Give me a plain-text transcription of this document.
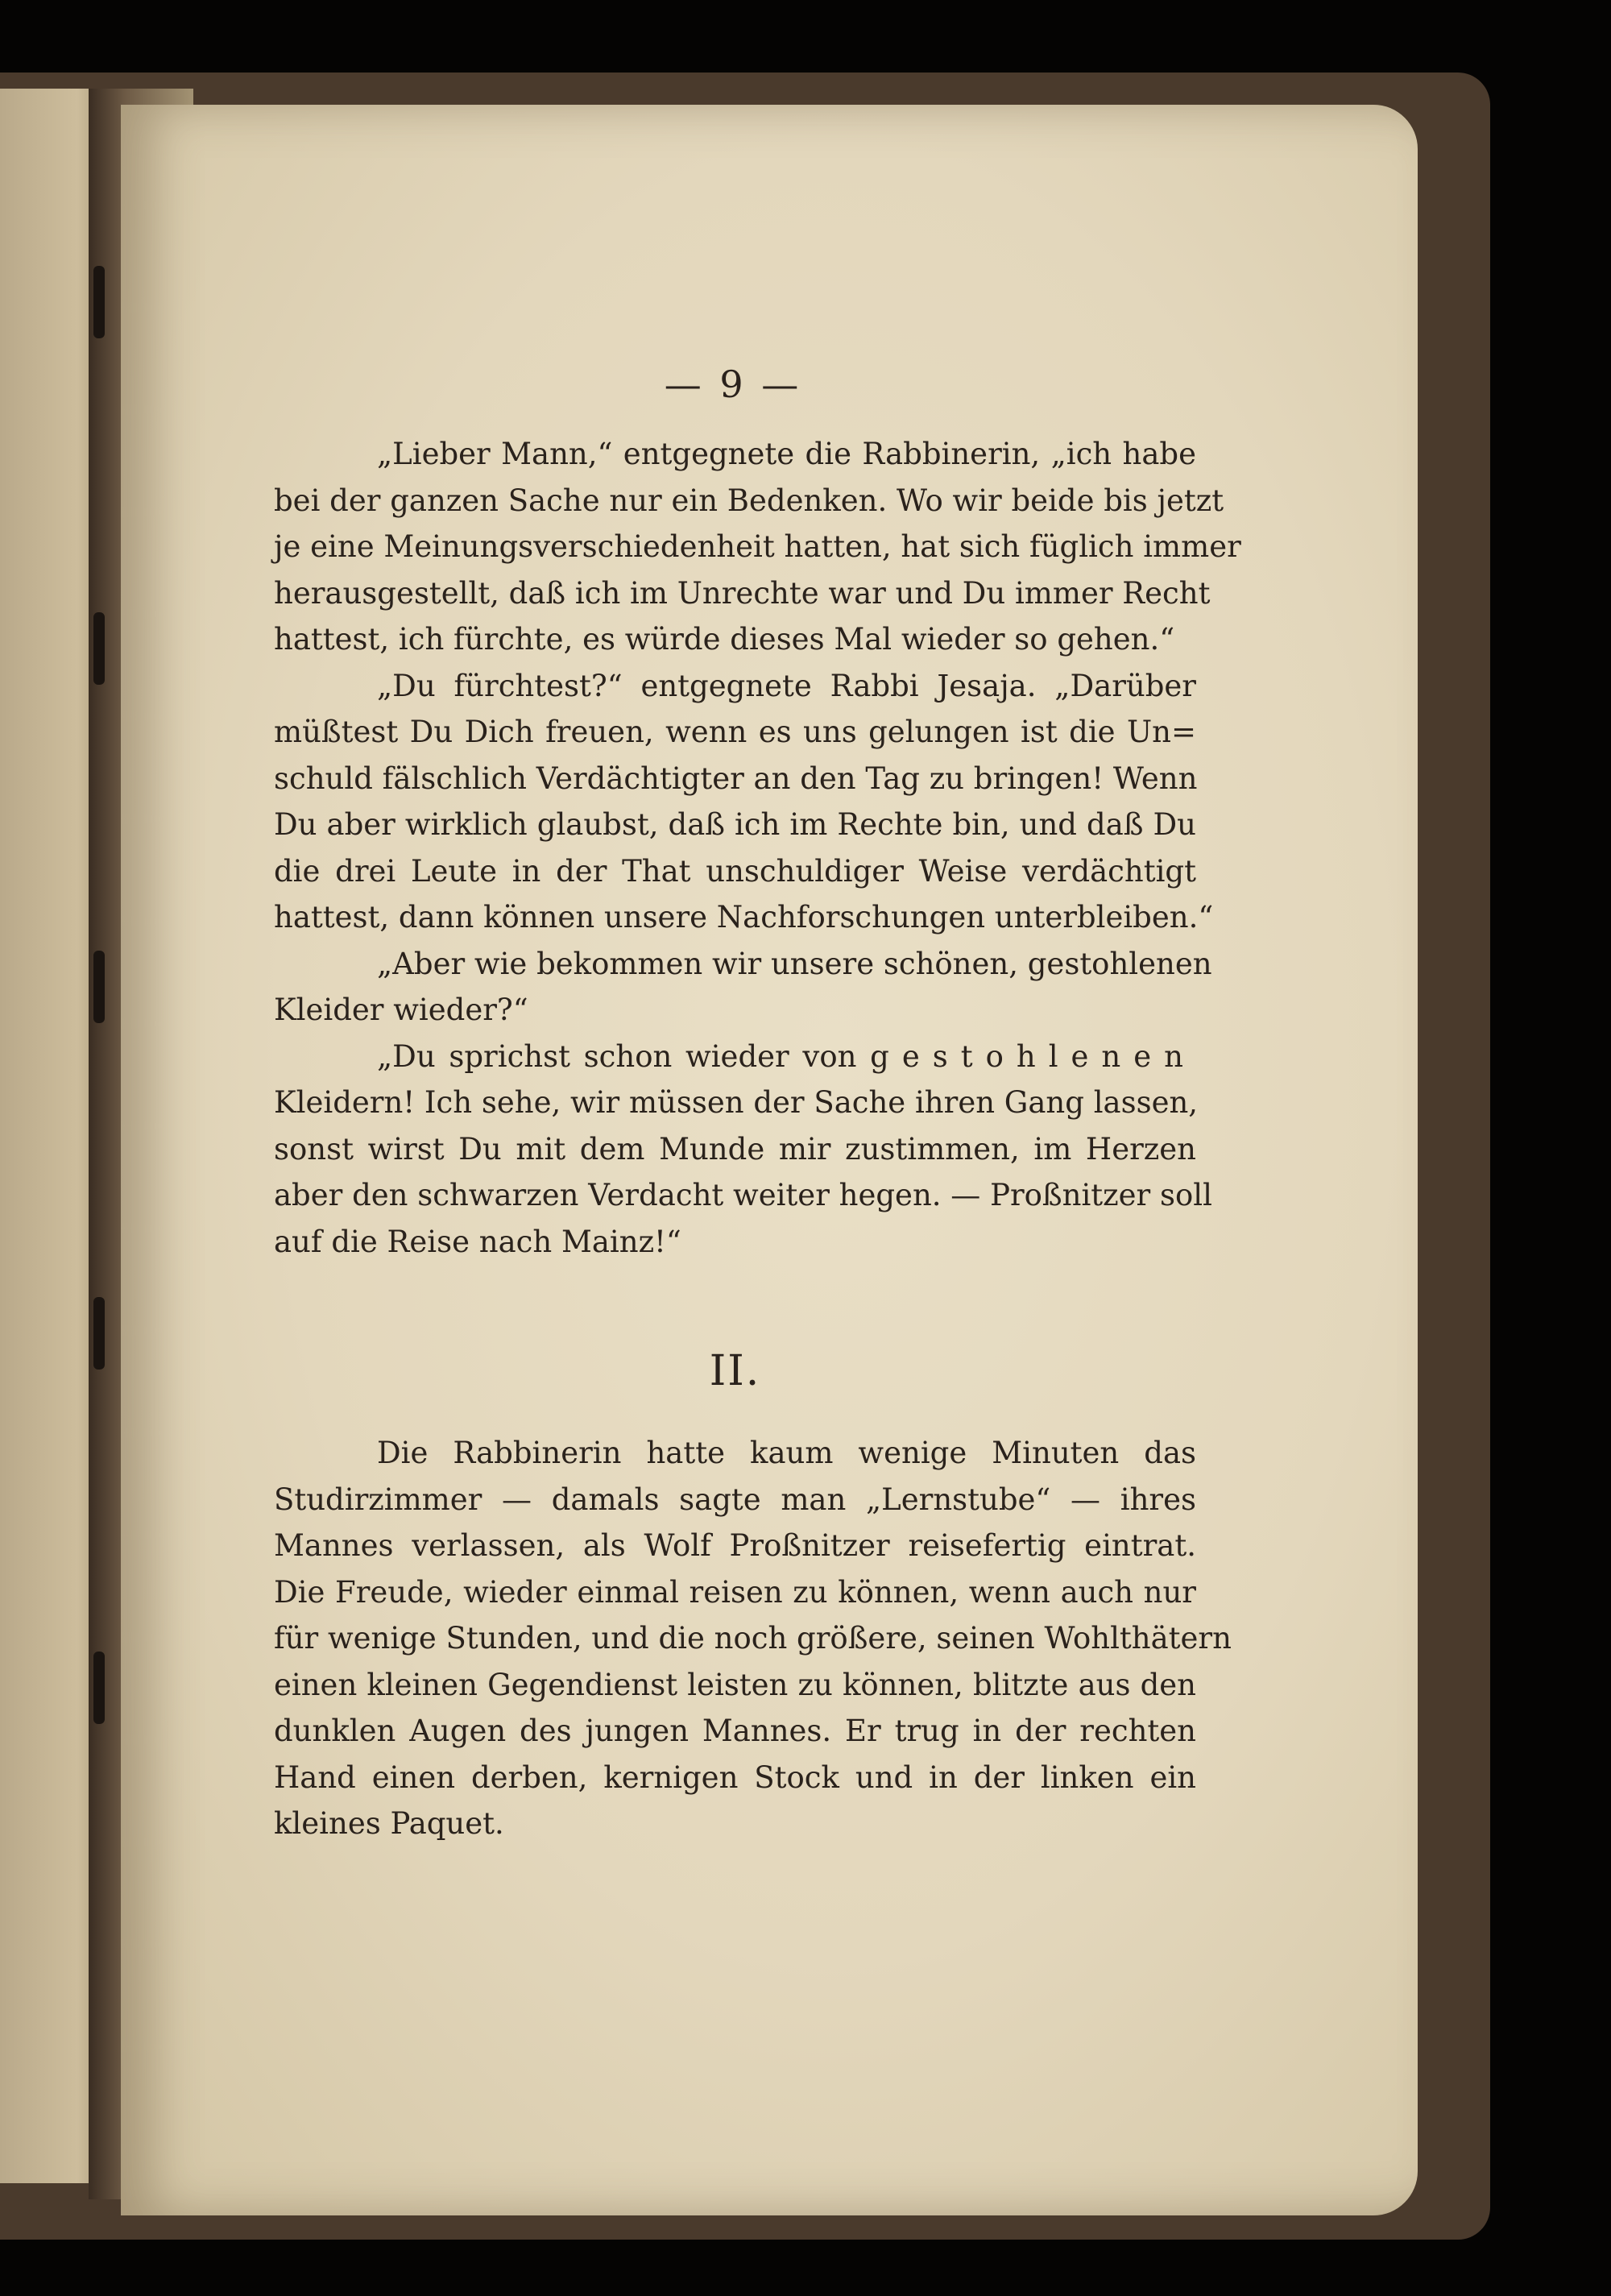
— 9 —
„Lieber Mann,“ entgegnete die Rabbinerin, „ich habe
bei der ganzen Sache nur ein Bedenken. Wo wir beide bis jetzt
je eine Meinungsverschiedenheit hatten, hat sich füglich immer
herausgestellt, daß ich im Unrechte war und Du immer Recht
hattest, ich fürchte, es würde dieses Mal wieder so gehen.“
„Du fürchtest?“ entgegnete Rabbi Jesaja. „Darüber
müßtest Du Dich freuen, wenn es uns gelungen ist die Un=
schuld fälschlich Verdächtigter an den Tag zu bringen! Wenn
Du aber wirklich glaubst, daß ich im Rechte bin, und daß Du
die drei Leute in der That unschuldiger Weise verdächtigt
hattest, dann können unsere Nachforschungen unterbleiben.“
„Aber wie bekommen wir unsere schönen, gestohlenen
Kleider wieder?“
„Du sprichst schon wieder von gestohlenen
Kleidern! Ich sehe, wir müssen der Sache ihren Gang lassen,
sonst wirst Du mit dem Munde mir zustimmen, im Herzen
aber den schwarzen Verdacht weiter hegen. — Proßnitzer soll
auf die Reise nach Mainz!“
II.
Die Rabbinerin hatte kaum wenige Minuten das
Studirzimmer — damals sagte man „Lernstube“ — ihres
Mannes verlassen, als Wolf Proßnitzer reisefertig eintrat.
Die Freude, wieder einmal reisen zu können, wenn auch nur
für wenige Stunden, und die noch größere, seinen Wohlthätern
einen kleinen Gegendienst leisten zu können, blitzte aus den
dunklen Augen des jungen Mannes. Er trug in der rechten
Hand einen derben, kernigen Stock und in der linken ein
kleines Paquet.
